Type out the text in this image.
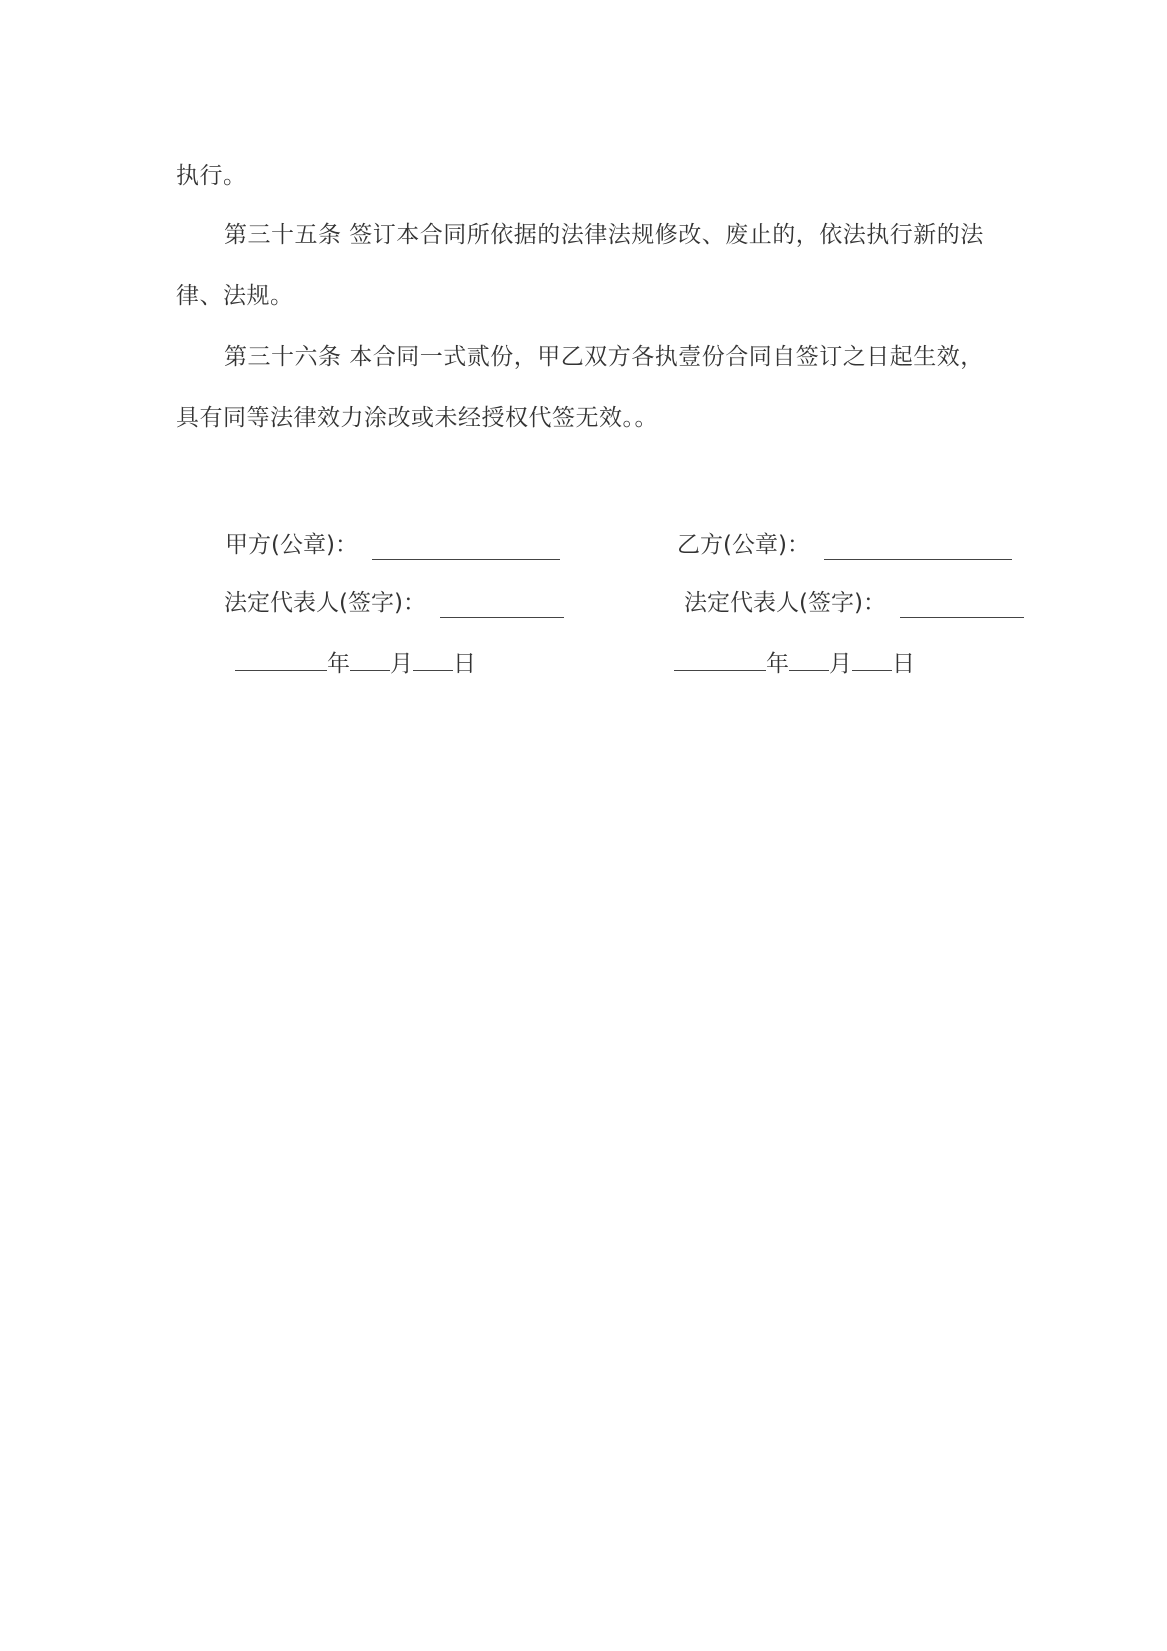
执行。
第三十五条 签订本合同所依据的法律法规修改、废止的，依法执行新的法
律、法规。
第三十六条 本合同一式贰份，甲乙双方各执壹份合同自签订之日起生效，
具有同等法律效力涂改或未经授权代签无效。。
甲方(公章)：
法定代表人(签字)：
年 月 日
乙方(公章)：
法定代表人(签字)：
年 月 日
